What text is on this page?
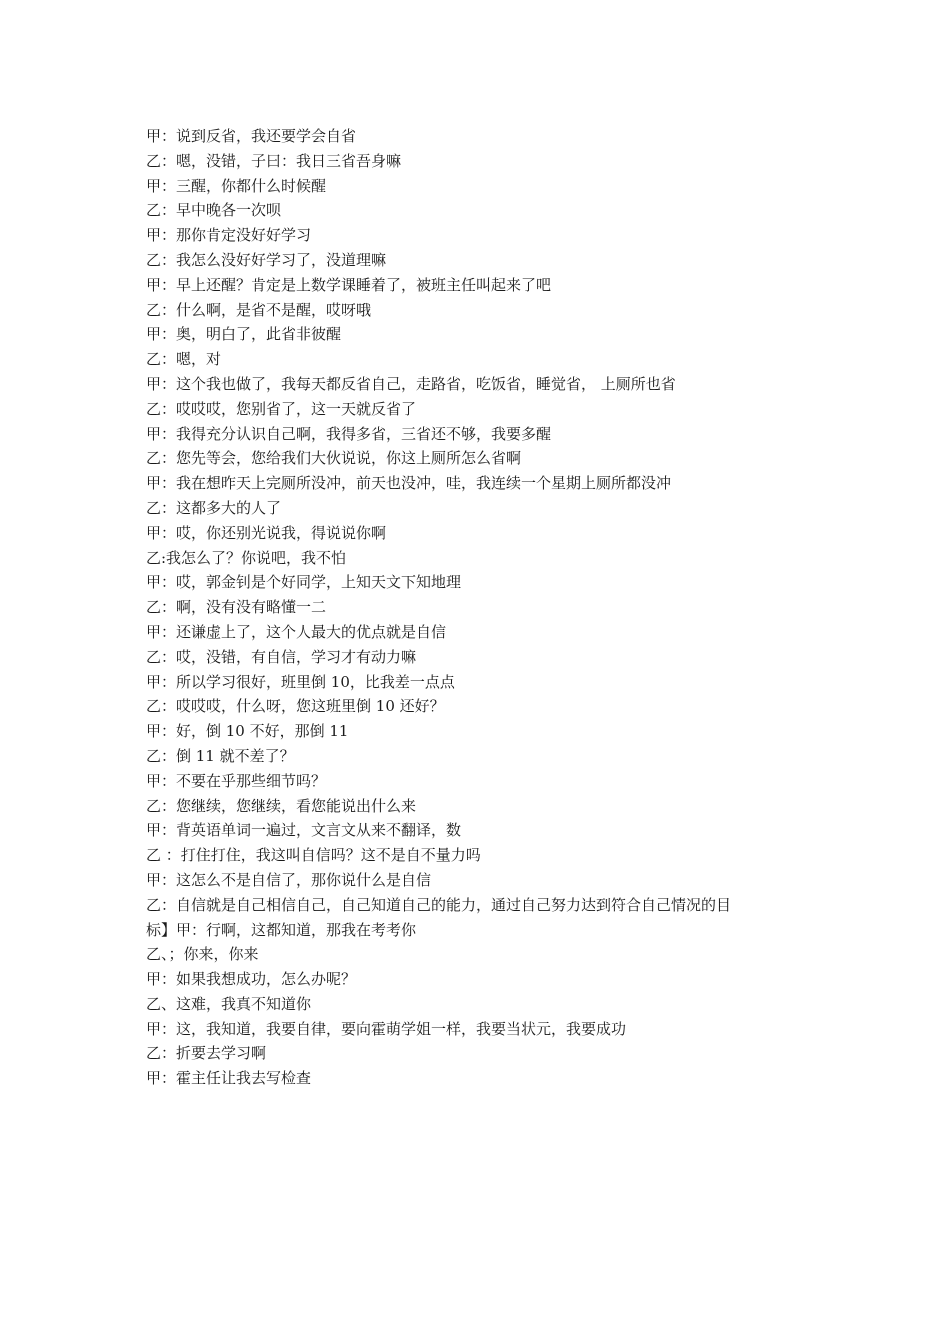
甲：说到反省，我还要学会自省

乙：嗯，没错，子曰：我日三省吾身嘛

甲：三醒，你都什么时候醒

乙：早中晚各一次呗

甲：那你肯定没好好学习

乙：我怎么没好好学习了，没道理嘛

甲：早上还醒？肯定是上数学课睡着了，被班主任叫起来了吧

乙：什么啊，是省不是醒，哎呀哦

甲：奥，明白了，此省非彼醒

乙：嗯，对

甲：这个我也做了，我每天都反省自己，走路省，吃饭省，睡觉省， 上厕所也省

乙：哎哎哎，您别省了，这一天就反省了

甲：我得充分认识自己啊，我得多省，三省还不够，我要多醒

乙：您先等会，您给我们大伙说说，你这上厕所怎么省啊

甲：我在想昨天上完厕所没冲，前天也没冲，哇，我连续一个星期上厕所都没冲

乙：这都多大的人了

甲：哎，你还别光说我，得说说你啊

乙:我怎么了？你说吧，我不怕

甲：哎，郭金钊是个好同学，上知天文下知地理

乙：啊，没有没有略懂一二

甲：还谦虚上了，这个人最大的优点就是自信

乙：哎，没错，有自信，学习才有动力嘛

甲：所以学习很好，班里倒 10，比我差一点点

乙：哎哎哎，什么呀，您这班里倒 10 还好？

甲：好，倒 10 不好，那倒 11

乙：倒 11 就不差了？

甲：不要在乎那些细节吗？

乙：您继续，您继续，看您能说出什么来

甲：背英语单词一遍过，文言文从来不翻译，数

乙 ：打住打住，我这叫自信吗？这不是自不量力吗

甲：这怎么不是自信了，那你说什么是自信

乙：自信就是自己相信自己，自己知道自己的能力，通过自己努力达到符合自己情况的目

标】甲：行啊，这都知道，那我在考考你

乙、；你来，你来

甲：如果我想成功，怎么办呢？

乙、这难，我真不知道你

甲：这，我知道，我要自律，要向霍萌学姐一样，我要当状元，我要成功

乙：折要去学习啊

甲：霍主任让我去写检查
